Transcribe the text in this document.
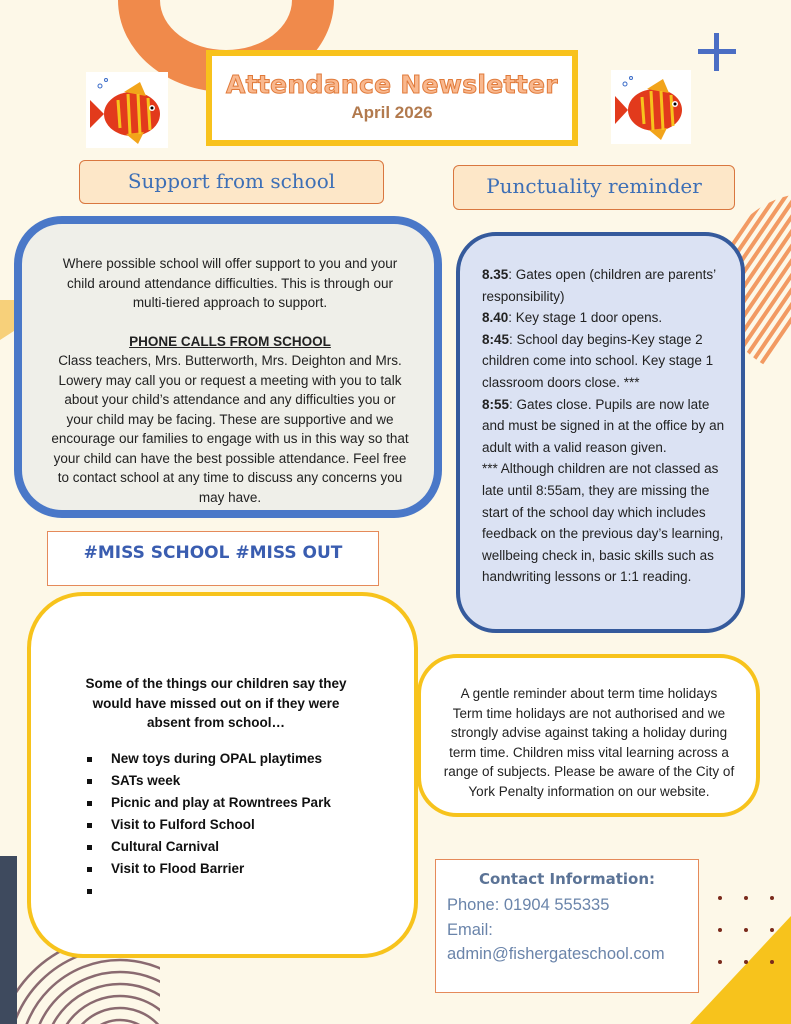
Attendance Newsletter
April 2026
Support from school	Punctuality reminder
Where possible school will offer support to you and your child around attendance difficulties. This is through our multi-tiered approach to support.
PHONE CALLS FROM SCHOOL
Class teachers, Mrs. Butterworth, Mrs. Deighton and Mrs. Lowery may call you or request a meeting with you to talk about your child’s attendance and any difficulties you or your child may be facing. These are supportive and we encourage our families to engage with us in this way so that your child can have the best possible attendance. Feel free to contact school at any time to discuss any concerns you may have.
8.35: Gates open (children are parents’ responsibility)
8.40: Key stage 1 door opens.
8:45: School day begins-Key stage 2 children come into school. Key stage 1 classroom doors close. ***
8:55: Gates close. Pupils are now late and must be signed in at the office by an adult with a valid reason given.
*** Although children are not classed as late until 8:55am, they are missing the start of the school day which includes feedback on the previous day’s learning, wellbeing check in, basic skills such as handwriting lessons or 1:1 reading.
#MISS SCHOOL #MISS OUT
Some of the things our children say they would have missed out on if they were absent from school…
New toys during OPAL playtimes
SATs week
Picnic and play at Rowntrees Park
Visit to Fulford School
Cultural Carnival
Visit to Flood Barrier
A gentle reminder about term time holidays
Term time holidays are not authorised and we strongly advise against taking a holiday during term time. Children miss vital learning across a range of subjects. Please be aware of the City of York Penalty information on our website.
Contact Information:
Phone: 01904 555335
Email:
admin@fishergateschool.com
